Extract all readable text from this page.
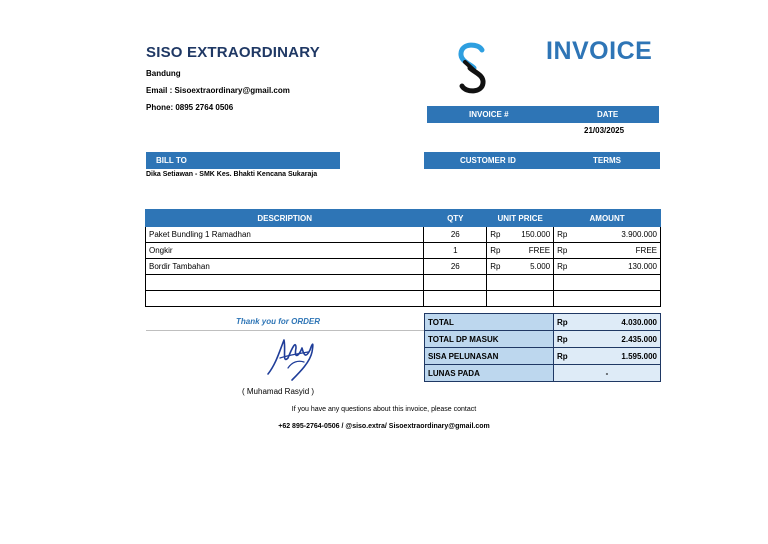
SISO EXTRAORDINARY
Bandung
Email : Sisoextraordinary@gmail.com
Phone: 0895 2764 0506
INVOICE
INVOICE #	DATE
21/03/2025
BILL TO
Dika Setiawan - SMK Kes. Bhakti Kencana Sukaraja
CUSTOMER ID	TERMS
DESCRIPTION	QTY	UNIT PRICE		AMOUNT	
Paket Bundling 1 Ramadhan	26	Rp	150.000	Rp	3.900.000
Ongkir	1	Rp	FREE	Rp	FREE
Bordir Tambahan	26	Rp	5.000	Rp	130.000

Thank you for ORDER
( Muhamad Rasyid )
TOTAL	Rp	4.030.000
TOTAL DP MASUK	Rp	2.435.000
SISA PELUNASAN	Rp	1.595.000
LUNAS PADA	-	
If you have any questions about this invoice, please contact
+62 895-2764-0506 / @siso.extra/ Sisoextraordinary@gmail.com
